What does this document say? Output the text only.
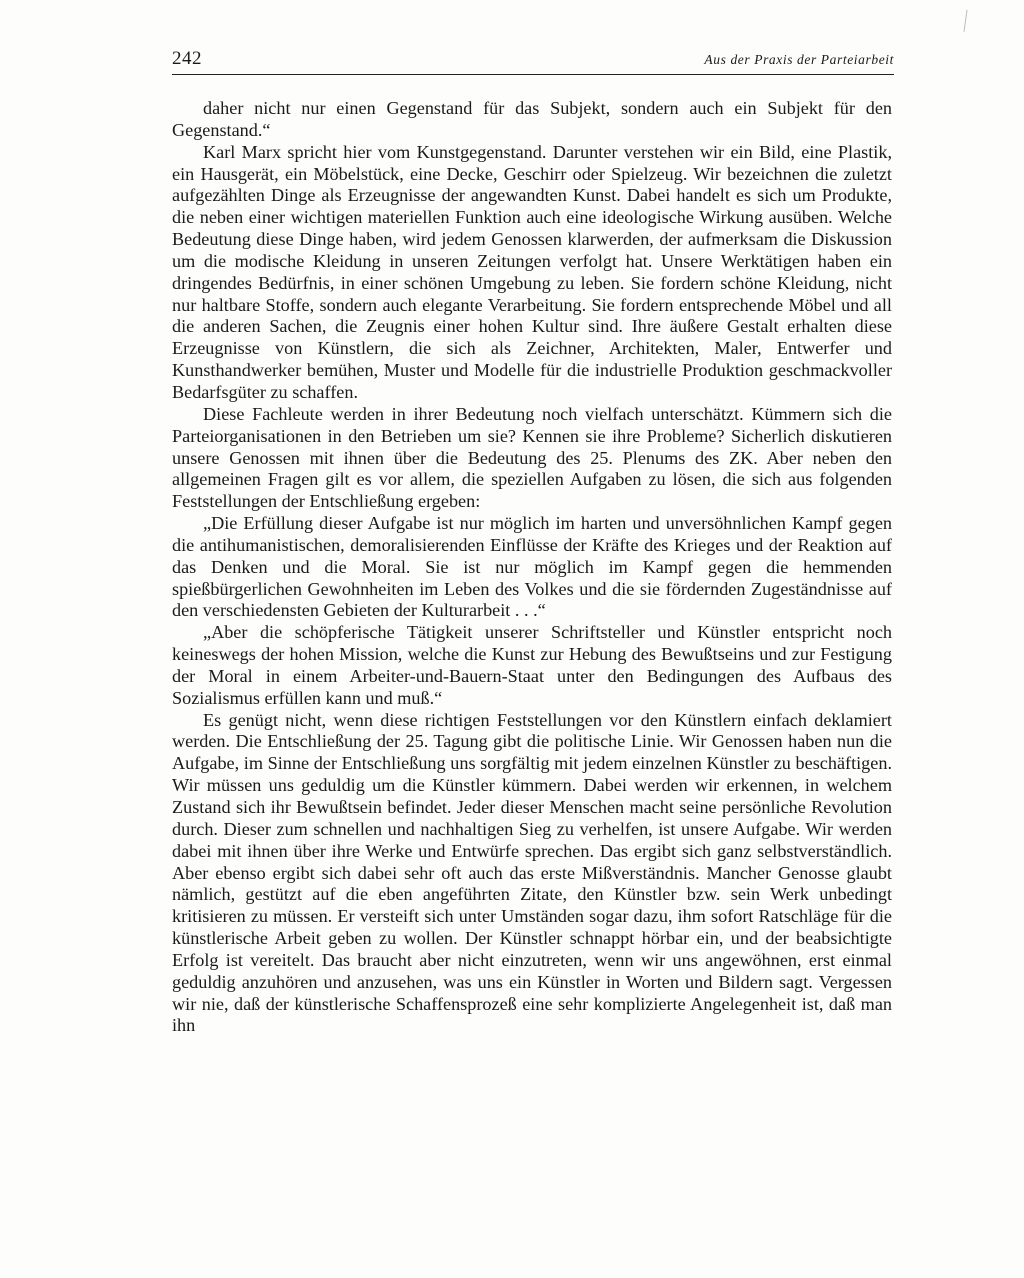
242	Aus der Praxis der Parteiarbeit

daher nicht nur einen Gegenstand für das Subjekt, sondern auch ein Subjekt für den Gegenstand.“

Karl Marx spricht hier vom Kunstgegenstand. Darunter verstehen wir ein Bild, eine Plastik, ein Hausgerät, ein Möbelstück, eine Decke, Geschirr oder Spielzeug. Wir bezeichnen die zuletzt aufgezählten Dinge als Erzeugnisse der angewandten Kunst. Dabei handelt es sich um Produkte, die neben einer wichtigen materiellen Funktion auch eine ideologische Wirkung ausüben. Welche Bedeutung diese Dinge haben, wird jedem Genossen klarwerden, der aufmerksam die Diskussion um die modische Kleidung in unseren Zeitungen verfolgt hat. Unsere Werktätigen haben ein dringendes Bedürfnis, in einer schönen Umgebung zu leben. Sie fordern schöne Kleidung, nicht nur haltbare Stoffe, sondern auch elegante Verarbeitung. Sie fordern entsprechende Möbel und all die anderen Sachen, die Zeugnis einer hohen Kultur sind. Ihre äußere Gestalt erhalten diese Erzeugnisse von Künstlern, die sich als Zeichner, Architekten, Maler, Entwerfer und Kunsthandwerker bemühen, Muster und Modelle für die industrielle Produktion geschmackvoller Bedarfsgüter zu schaffen.

Diese Fachleute werden in ihrer Bedeutung noch vielfach unterschätzt. Kümmern sich die Parteiorganisationen in den Betrieben um sie? Kennen sie ihre Probleme? Sicherlich diskutieren unsere Genossen mit ihnen über die Bedeutung des 25. Plenums des ZK. Aber neben den allgemeinen Fragen gilt es vor allem, die speziellen Aufgaben zu lösen, die sich aus folgenden Feststellungen der Entschließung ergeben:

„Die Erfüllung dieser Aufgabe ist nur möglich im harten und unversöhnlichen Kampf gegen die antihumanistischen, demoralisierenden Einflüsse der Kräfte des Krieges und der Reaktion auf das Denken und die Moral. Sie ist nur möglich im Kampf gegen die hemmenden spießbürgerlichen Gewohnheiten im Leben des Volkes und die sie fördernden Zugeständnisse auf den verschiedensten Gebieten der Kulturarbeit . . .“

„Aber die schöpferische Tätigkeit unserer Schriftsteller und Künstler entspricht noch keineswegs der hohen Mission, welche die Kunst zur Hebung des Bewußtseins und zur Festigung der Moral in einem Arbeiter-und-Bauern-Staat unter den Bedingungen des Aufbaus des Sozialismus erfüllen kann und muß.“

Es genügt nicht, wenn diese richtigen Feststellungen vor den Künstlern einfach deklamiert werden. Die Entschließung der 25. Tagung gibt die politische Linie. Wir Genossen haben nun die Aufgabe, im Sinne der Entschließung uns sorgfältig mit jedem einzelnen Künstler zu beschäftigen. Wir müssen uns geduldig um die Künstler kümmern. Dabei werden wir erkennen, in welchem Zustand sich ihr Bewußtsein befindet. Jeder dieser Menschen macht seine persönliche Revolution durch. Dieser zum schnellen und nachhaltigen Sieg zu verhelfen, ist unsere Aufgabe. Wir werden dabei mit ihnen über ihre Werke und Entwürfe sprechen. Das ergibt sich ganz selbstverständlich. Aber ebenso ergibt sich dabei sehr oft auch das erste Mißverständnis. Mancher Genosse glaubt nämlich, gestützt auf die eben angeführten Zitate, den Künstler bzw. sein Werk unbedingt kritisieren zu müssen. Er versteift sich unter Umständen sogar dazu, ihm sofort Ratschläge für die künstlerische Arbeit geben zu wollen. Der Künstler schnappt hörbar ein, und der beabsichtigte Erfolg ist vereitelt. Das braucht aber nicht einzutreten, wenn wir uns angewöhnen, erst einmal geduldig anzuhören und anzusehen, was uns ein Künstler in Worten und Bildern sagt. Vergessen wir nie, daß der künstlerische Schaffensprozeß eine sehr komplizierte Angelegenheit ist, daß man ihn
